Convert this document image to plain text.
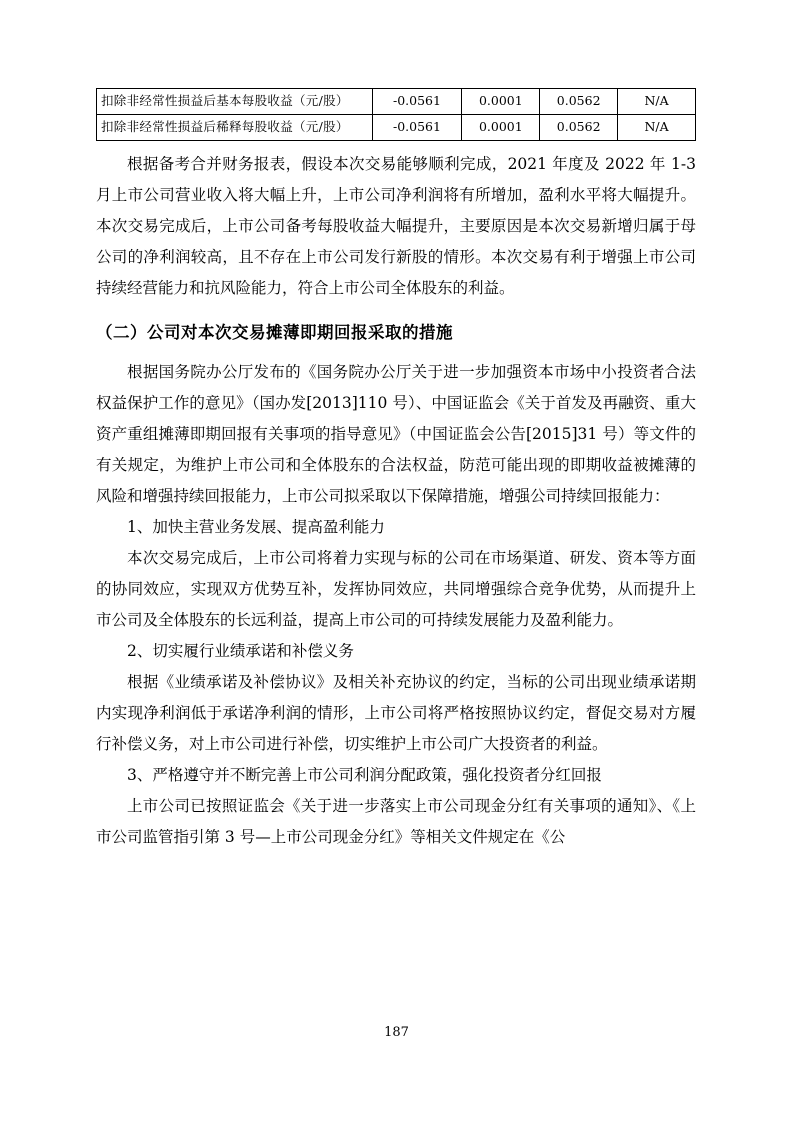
扣除非经常性损益后基本每股收益（元/股）	-0.0561	0.0001	0.0562	N/A
扣除非经常性损益后稀释每股收益（元/股）	-0.0561	0.0001	0.0562	N/A

根据备考合并财务报表，假设本次交易能够顺利完成，2021 年度及 2022 年 1-3 月上市公司营业收入将大幅上升，上市公司净利润将有所增加，盈利水平将大幅提升。本次交易完成后，上市公司备考每股收益大幅提升，主要原因是本次交易新增归属于母公司的净利润较高，且不存在上市公司发行新股的情形。本次交易有利于增强上市公司持续经营能力和抗风险能力，符合上市公司全体股东的利益。

（二）公司对本次交易摊薄即期回报采取的措施

根据国务院办公厅发布的《国务院办公厅关于进一步加强资本市场中小投资者合法权益保护工作的意见》（国办发[2013]110 号）、中国证监会《关于首发及再融资、重大资产重组摊薄即期回报有关事项的指导意见》（中国证监会公告[2015]31 号）等文件的有关规定，为维护上市公司和全体股东的合法权益，防范可能出现的即期收益被摊薄的风险和增强持续回报能力，上市公司拟采取以下保障措施，增强公司持续回报能力：

1、加快主营业务发展、提高盈利能力

本次交易完成后，上市公司将着力实现与标的公司在市场渠道、研发、资本等方面的协同效应，实现双方优势互补，发挥协同效应，共同增强综合竞争优势，从而提升上市公司及全体股东的长远利益，提高上市公司的可持续发展能力及盈利能力。

2、切实履行业绩承诺和补偿义务

根据《业绩承诺及补偿协议》及相关补充协议的约定，当标的公司出现业绩承诺期内实现净利润低于承诺净利润的情形，上市公司将严格按照协议约定，督促交易对方履行补偿义务，对上市公司进行补偿，切实维护上市公司广大投资者的利益。

3、严格遵守并不断完善上市公司利润分配政策，强化投资者分红回报

上市公司已按照证监会《关于进一步落实上市公司现金分红有关事项的通知》、《上市公司监管指引第 3 号—上市公司现金分红》等相关文件规定在《公

187
